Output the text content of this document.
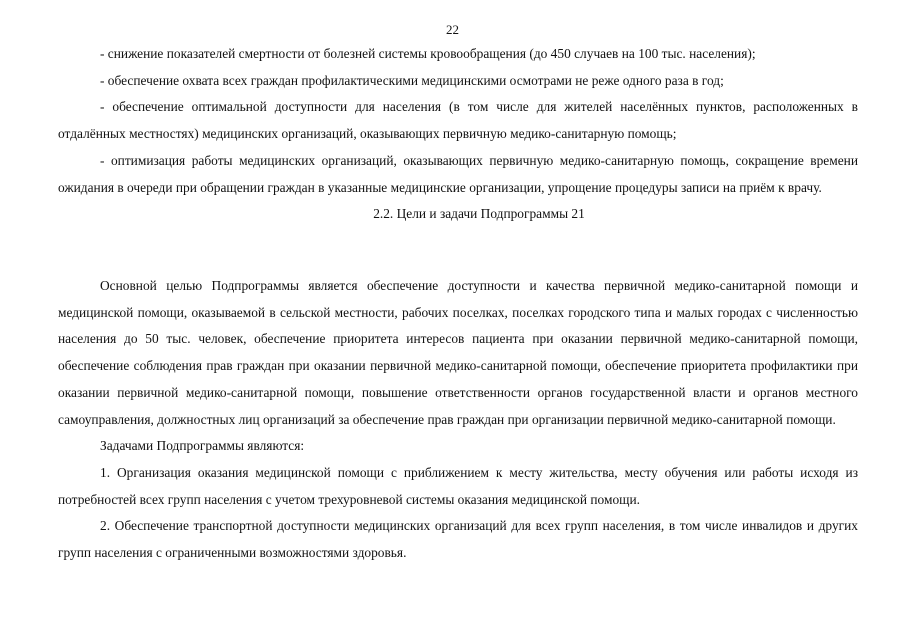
22

- снижение показателей смертности от болезней системы кровообращения (до 450 случаев на 100 тыс. населения);

- обеспечение охвата всех граждан профилактическими медицинскими осмотрами не реже одного раза в год;

- обеспечение оптимальной доступности для населения (в том числе для жителей населённых пунктов, расположенных в отдалённых местностях) медицинских организаций, оказывающих первичную медико-санитарную помощь;

- оптимизация работы медицинских организаций, оказывающих первичную медико-санитарную помощь, сокращение времени ожидания в очереди при обращении граждан в указанные медицинские организации, упрощение процедуры записи на приём к врачу.

2.2. Цели и задачи Подпрограммы 21

Основной целью Подпрограммы является обеспечение доступности и качества первичной медико-санитарной помощи и медицинской помощи, оказываемой в сельской местности, рабочих поселках, поселках городского типа и малых городах с численностью населения до 50 тыс. человек, обеспечение приоритета интересов пациента при оказании первичной медико-санитарной помощи, обеспечение соблюдения прав граждан при оказании первичной медико-санитарной помощи, обеспечение приоритета профилактики при оказании первичной медико-санитарной помощи, повышение ответственности органов государственной власти и органов местного самоуправления, должностных лиц организаций за обеспечение прав граждан при организации первичной медико-санитарной помощи.

Задачами Подпрограммы являются:

1. Организация оказания медицинской помощи с приближением к месту жительства, месту обучения или работы исходя из потребностей всех групп населения с учетом трехуровневой системы оказания медицинской помощи.

2. Обеспечение транспортной доступности медицинских организаций для всех групп населения, в том числе инвалидов и других групп населения с ограниченными возможностями здоровья.
